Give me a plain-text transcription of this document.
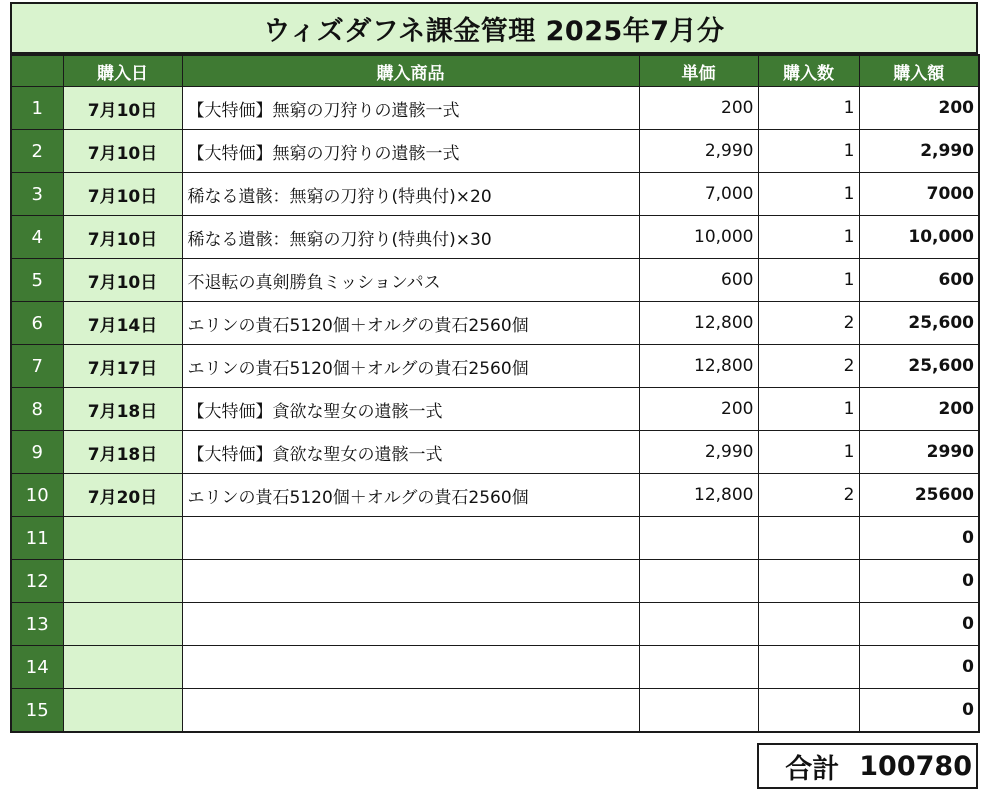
ウィズダフネ課金管理 2025年7月分
	購入日	購入商品	単価	購入数	購入額
1	7月10日	【大特価】無窮の刀狩りの遺骸一式	200	1	200
2	7月10日	【大特価】無窮の刀狩りの遺骸一式	2,990	1	2,990
3	7月10日	稀なる遺骸：無窮の刀狩り(特典付)×20	7,000	1	7000
4	7月10日	稀なる遺骸：無窮の刀狩り(特典付)×30	10,000	1	10,000
5	7月10日	不退転の真剣勝負ミッションパス	600	1	600
6	7月14日	エリンの貴石5120個＋オルグの貴石2560個	12,800	2	25,600
7	7月17日	エリンの貴石5120個＋オルグの貴石2560個	12,800	2	25,600
8	7月18日	【大特価】貪欲な聖女の遺骸一式	200	1	200
9	7月18日	【大特価】貪欲な聖女の遺骸一式	2,990	1	2990
10	7月20日	エリンの貴石5120個＋オルグの貴石2560個	12,800	2	25600
11					0
12					0
13					0
14					0
15					0
合計 100780
